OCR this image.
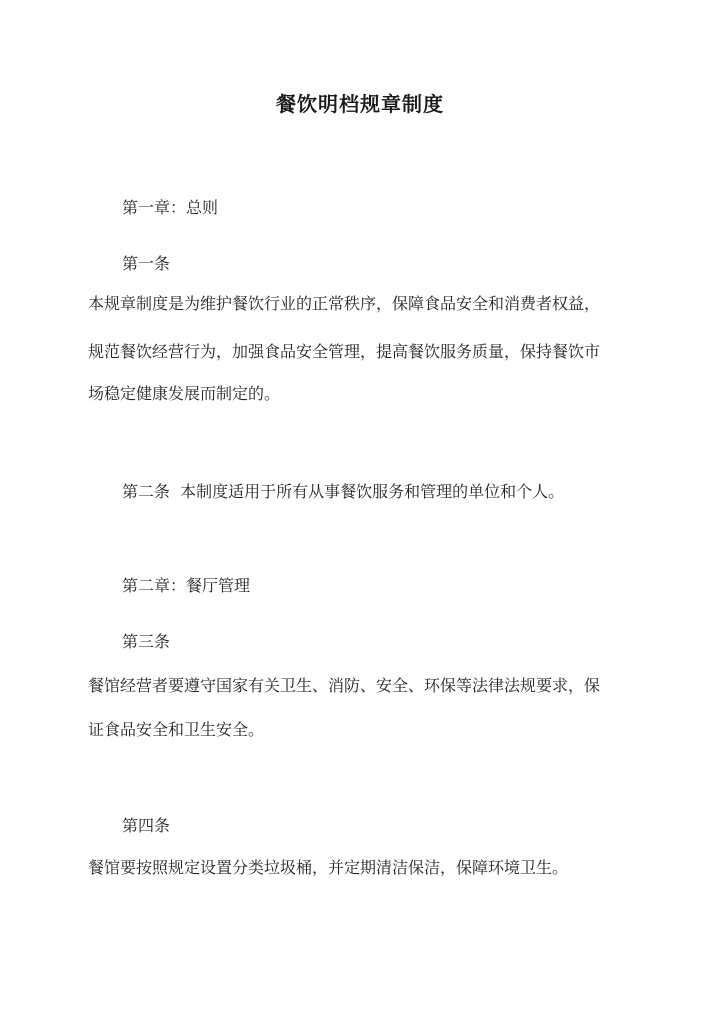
餐饮明档规章制度
第一章：总则
第一条
本规章制度是为维护餐饮行业的正常秩序，保障食品安全和消费者权益，
规范餐饮经营行为，加强食品安全管理，提高餐饮服务质量，保持餐饮市
场稳定健康发展而制定的。
第二条  本制度适用于所有从事餐饮服务和管理的单位和个人。
第二章：餐厅管理
第三条
餐馆经营者要遵守国家有关卫生、消防、安全、环保等法律法规要求，保
证食品安全和卫生安全。
第四条
餐馆要按照规定设置分类垃圾桶，并定期清洁保洁，保障环境卫生。
